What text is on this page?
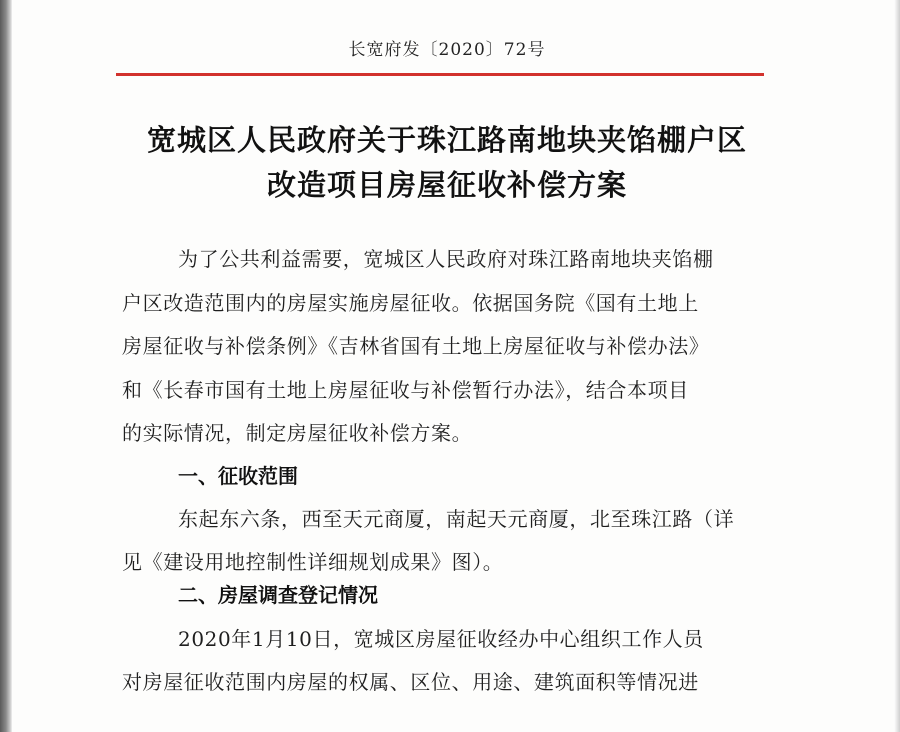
长宽府发〔2020〕72号
宽城区人民政府关于珠江路南地块夹馅棚户区
改造项目房屋征收补偿方案
为了公共利益需要，宽城区人民政府对珠江路南地块夹馅棚
户区改造范围内的房屋实施房屋征收。依据国务院《国有土地上
房屋征收与补偿条例》《吉林省国有土地上房屋征收与补偿办法》
和《长春市国有土地上房屋征收与补偿暂行办法》，结合本项目
的实际情况，制定房屋征收补偿方案。
一、征收范围
东起东六条，西至天元商厦，南起天元商厦，北至珠江路（详
见《建设用地控制性详细规划成果》图）。
二、房屋调查登记情况
2020年1月10日，宽城区房屋征收经办中心组织工作人员
对房屋征收范围内房屋的权属、区位、用途、建筑面积等情况进
